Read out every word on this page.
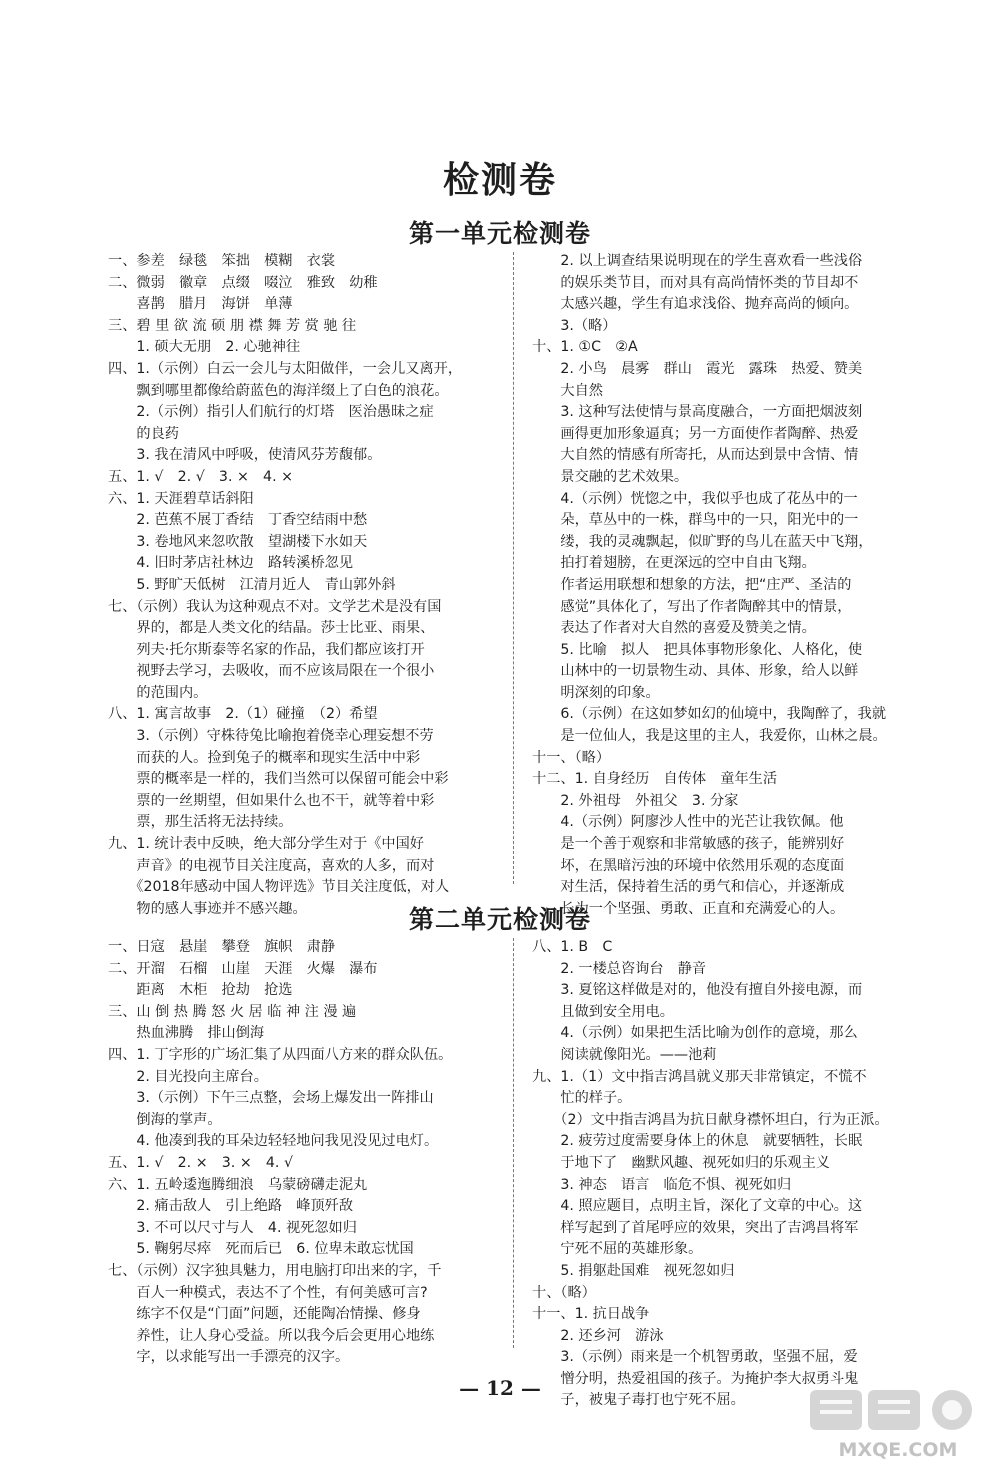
检测卷
第一单元检测卷
一、参差　绿毯　笨拙　模糊　衣裳
二、微弱　徽章　点缀　啜泣　雅致　幼稚
　　喜鹊　腊月　海饼　单薄
三、碧 里 欲 流 硕 朋 襟 舞 芳 赏 驰 往
　　1. 硕大无朋　2. 心驰神往
四、1.（示例）白云一会儿与太阳做伴，一会儿又离开，
　　飘到哪里都像给蔚蓝色的海洋缀上了白色的浪花。
　　2.（示例）指引人们航行的灯塔　医治愚昧之症
　　的良药
　　3. 我在清风中呼吸，使清风芬芳馥郁。
五、1. √　2. √　3. ×　4. ×
六、1. 天涯碧草话斜阳
　　2. 芭蕉不展丁香结　丁香空结雨中愁
　　3. 卷地风来忽吹散　望湖楼下水如天
　　4. 旧时茅店社林边　路转溪桥忽见
　　5. 野旷天低树　江清月近人　青山郭外斜
七、（示例）我认为这种观点不对。文学艺术是没有国
　　界的，都是人类文化的结晶。莎士比亚、雨果、
　　列夫·托尔斯泰等名家的作品，我们都应该打开
　　视野去学习，去吸收，而不应该局限在一个很小
　　的范围内。
八、1. 寓言故事　2.（1）碰撞　（2）希望
　　3.（示例）守株待兔比喻抱着侥幸心理妄想不劳
　　而获的人。捡到兔子的概率和现实生活中中彩
　　票的概率是一样的，我们当然可以保留可能会中彩
　　票的一丝期望，但如果什么也不干，就等着中彩
　　票，那生活将无法持续。
九、1. 统计表中反映，绝大部分学生对于《中国好
　　声音》的电视节目关注度高，喜欢的人多，而对
　　《2018年感动中国人物评选》节目关注度低，对人
　　物的感人事迹并不感兴趣。
　　2. 以上调查结果说明现在的学生喜欢看一些浅俗
　　的娱乐类节目，而对具有高尚情怀类的节目却不
　　太感兴趣，学生有追求浅俗、抛弃高尚的倾向。
　　3.（略）
十、1. ①C　②A
　　2. 小鸟　晨雾　群山　霞光　露珠　热爱、赞美
　　大自然
　　3. 这种写法使情与景高度融合，一方面把烟波刻
　　画得更加形象逼真；另一方面使作者陶醉、热爱
　　大自然的情感有所寄托，从而达到景中含情、情
　　景交融的艺术效果。
　　4.（示例）恍惚之中，我似乎也成了花丛中的一
　　朵，草丛中的一株，群鸟中的一只，阳光中的一
　　缕，我的灵魂飘起，似旷野的鸟儿在蓝天中飞翔，
　　拍打着翅膀，在更深远的空中自由飞翔。
　　作者运用联想和想象的方法，把“庄严、圣洁的
　　感觉”具体化了，写出了作者陶醉其中的情景，
　　表达了作者对大自然的喜爱及赞美之情。
　　5. 比喻　拟人　把具体事物形象化、人格化，使
　　山林中的一切景物生动、具体、形象，给人以鲜
　　明深刻的印象。
　　6.（示例）在这如梦如幻的仙境中，我陶醉了，我就
　　是一位仙人，我是这里的主人，我爱你，山林之晨。
十一、（略）
十二、1. 自身经历　自传体　童年生活
　　2. 外祖母　外祖父　3. 分家
　　4.（示例）阿廖沙人性中的光芒让我钦佩。他
　　是一个善于观察和非常敏感的孩子，能辨别好
　　坏，在黑暗污浊的环境中依然用乐观的态度面
　　对生活，保持着生活的勇气和信心，并逐渐成
　　长为一个坚强、勇敢、正直和充满爱心的人。
第二单元检测卷
一、日寇　悬崖　攀登　旗帜　肃静
二、开溜　石榴　山崖　天涯　火爆　瀑布
　　距离　木柜　抢劫　抢选
三、山 倒 热 腾 怒 火 居 临 神 注 漫 遍
　　热血沸腾　排山倒海
四、1. 丁字形的广场汇集了从四面八方来的群众队伍。
　　2. 目光投向主席台。
　　3.（示例）下午三点整，会场上爆发出一阵排山
　　倒海的掌声。
　　4. 他凑到我的耳朵边轻轻地问我见没见过电灯。
五、1. √　2. ×　3. ×　4. √
六、1. 五岭逶迤腾细浪　乌蒙磅礴走泥丸
　　2. 痛击敌人　引上绝路　峰顶歼敌
　　3. 不可以尺寸与人　4. 视死忽如归
　　5. 鞠躬尽瘁　死而后已　6. 位卑未敢忘忧国
七、（示例）汉字独具魅力，用电脑打印出来的字，千
　　百人一种模式，表达不了个性，有何美感可言?
　　练字不仅是“门面”问题，还能陶冶情操、修身
　　养性，让人身心受益。所以我今后会更用心地练
　　字，以求能写出一手漂亮的汉字。
八、1. B　C
　　2. 一楼总咨询台　静音
　　3. 夏铭这样做是对的，他没有擅自外接电源，而
　　且做到安全用电。
　　4.（示例）如果把生活比喻为创作的意境，那么
　　阅读就像阳光。——池莉
九、1.（1）文中指吉鸿昌就义那天非常镇定，不慌不
　　忙的样子。
　　（2）文中指吉鸿昌为抗日献身襟怀坦白，行为正派。
　　2. 疲劳过度需要身体上的休息　就要牺牲，长眠
　　于地下了　幽默风趣、视死如归的乐观主义
　　3. 神态　语言　临危不惧、视死如归
　　4. 照应题目，点明主旨，深化了文章的中心。这
　　样写起到了首尾呼应的效果，突出了吉鸿昌将军
　　宁死不屈的英雄形象。
　　5. 捐躯赴国难　视死忽如归
十、（略）
十一、1. 抗日战争
　　2. 还乡河　游泳
　　3.（示例）雨来是一个机智勇敢，坚强不屈，爱
　　憎分明，热爱祖国的孩子。为掩护李大叔勇斗鬼
　　子，被鬼子毒打也宁死不屈。
— 12 —
MXQE.COM
